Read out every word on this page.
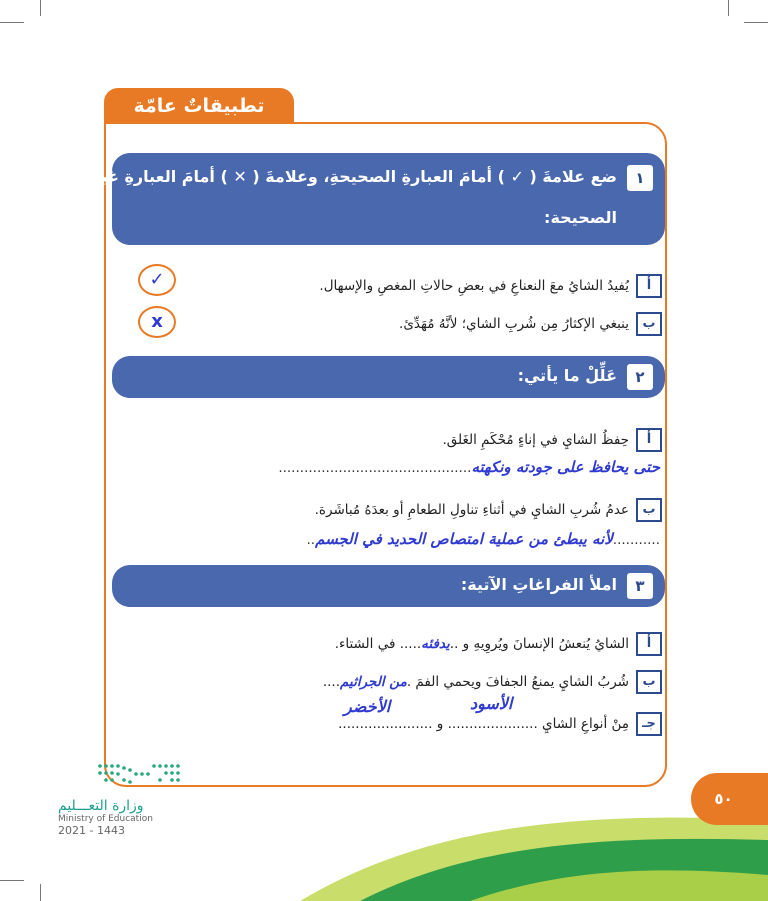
تطبيقاتٌ عامّة
١
ضع علامةَ ( ✓ ) أمامَ العبارةِ الصحيحةِ، وعلامةَ ( ✕ ) أمامَ العبارةِ غيرِ
الصحيحة:
أيُفيدُ الشايُ معَ النعناعِ في بعضِ حالاتِ المغصِ والإسهال.
✓
بينبغي الإكثارُ مِن شُربِ الشاي؛ لأنَّهُ مُهَدِّئ.
x
٢
عَلِّلْ ما يأتي:
أحِفظُ الشايِ في إناءٍ مُحْكَمِ الغَلق.
حتى يحافظ على جودته ونكهته.............................................
بعدمُ شُربِ الشايِ في أثناءِ تناولِ الطعامِ أو بعدَهُ مُباشَرة.
...........لأنه يبطئ من عملية امتصاص الحديد في الجسم..
٣
املأ الفراغاتِ الآتية:
أالشايُ يُنعشُ الإنسانَ ويُروِيهِ و ..يدفئه..... في الشتاء.
بشُربُ الشايِ يمنعُ الجفافَ ويحمي الفمَ .من الجراثيم....
الأسود
الأخضر
جـمِنْ أنواعِ الشايِ ..................... و ......................
٥٠
وزارة التعـــليم
Ministry of Education
2021 - 1443
